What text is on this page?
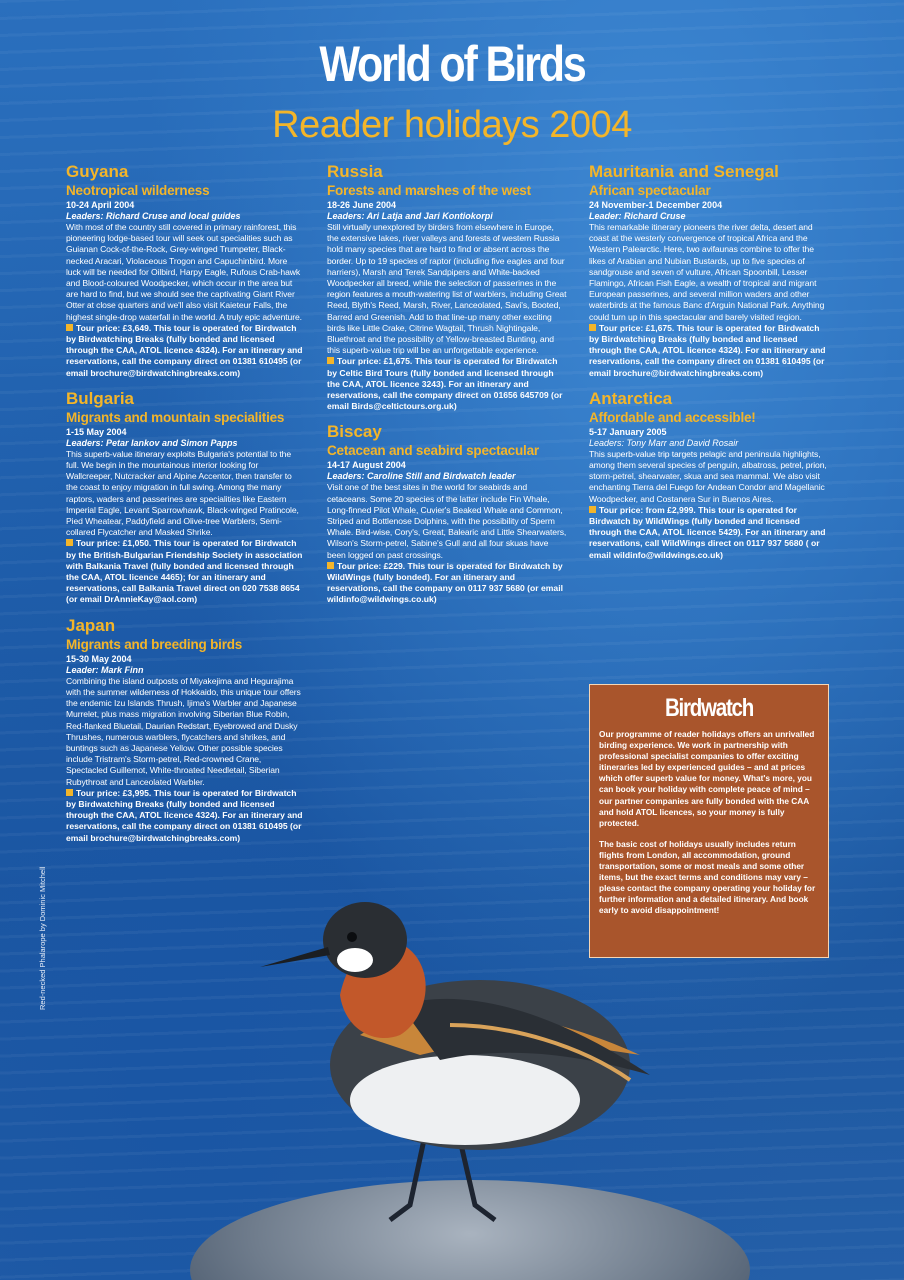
World of Birds
Reader holidays 2004
Guyana
Neotropical wilderness
10-24 April 2004
Leaders: Richard Cruse and local guides

With most of the country still covered in primary rainforest, this pioneering lodge-based tour will seek out specialities such as Guianan Cock-of-the-Rock, Grey-winged Trumpeter, Black-necked Aracari, Violaceous Trogon and Capuchinbird. More luck will be needed for Oilbird, Harpy Eagle, Rufous Crab-hawk and Blood-coloured Woodpecker, which occur in the area but are hard to find, but we should see the captivating Giant River Otter at close quarters and we'll also visit Kaieteur Falls, the highest single-drop waterfall in the world. A truly epic adventure.

Tour price: £3,649. This tour is operated for Birdwatch by Birdwatching Breaks (fully bonded and licensed through the CAA, ATOL licence 4324). For an itinerary and reservations, call the company direct on 01381 610495 (or email brochure@birdwatchingbreaks.com)

Bulgaria
Migrants and mountain specialities
1-15 May 2004
Leaders: Petar Iankov and Simon Papps

This superb-value itinerary exploits Bulgaria's potential to the full. We begin in the mountainous interior looking for Wallcreeper, Nutcracker and Alpine Accentor, then transfer to the coast to enjoy migration in full swing. Among the many raptors, waders and passerines are specialities like Eastern Imperial Eagle, Levant Sparrowhawk, Black-winged Pratincole, Pied Wheatear, Paddyfield and Olive-tree Warblers, Semi-collared Flycatcher and Masked Shrike.

Tour price: £1,050. This tour is operated for Birdwatch by the British-Bulgarian Friendship Society in association with Balkania Travel (fully bonded and licensed through the CAA, ATOL licence 4465); for an itinerary and reservations, call Balkania Travel direct on 020 7538 8654 (or email DrAnnieKay@aol.com)

Japan
Migrants and breeding birds
15-30 May 2004
Leader: Mark Finn

Combining the island outposts of Miyakejima and Hegurajima with the summer wilderness of Hokkaido, this unique tour offers the endemic Izu Islands Thrush, Ijima's Warbler and Japanese Murrelet, plus mass migration involving Siberian Blue Robin, Red-flanked Bluetail, Daurian Redstart, Eyebrowed and Dusky Thrushes, numerous warblers, flycatchers and shrikes, and buntings such as Japanese Yellow. Other possible species include Tristram's Storm-petrel, Red-crowned Crane, Spectacled Guillemot, White-throated Needletail, Siberian Rubythroat and Lanceolated Warbler.

Tour price: £3,995. This tour is operated for Birdwatch by Birdwatching Breaks (fully bonded and licensed through the CAA, ATOL licence 4324). For an itinerary and reservations, call the company direct on 01381 610495 (or email brochure@birdwatchingbreaks.com)

Russia
Forests and marshes of the west
18-26 June 2004
Leaders: Ari Latja and Jari Kontiokorpi

Still virtually unexplored by birders from elsewhere in Europe, the extensive lakes, river valleys and forests of western Russia hold many species that are hard to find or absent across the border. Up to 19 species of raptor (including five eagles and four harriers), Marsh and Terek Sandpipers and White-backed Woodpecker all breed, while the selection of passerines in the region features a mouth-watering list of warblers, including Great Reed, Blyth's Reed, Marsh, River, Lanceolated, Savi's, Booted, Barred and Greenish. Add to that line-up many other exciting birds like Little Crake, Citrine Wagtail, Thrush Nightingale, Bluethroat and the possibility of Yellow-breasted Bunting, and this superb-value trip will be an unforgettable experience.

Tour price: £1,675. This tour is operated for Birdwatch by Celtic Bird Tours (fully bonded and licensed through the CAA, ATOL licence 3243). For an itinerary and reservations, call the company direct on 01656 645709 (or email Birds@celtictours.org.uk)

Biscay
Cetacean and seabird spectacular
14-17 August 2004
Leaders: Caroline Still and Birdwatch leader

Visit one of the best sites in the world for seabirds and cetaceans. Some 20 species of the latter include Fin Whale, Long-finned Pilot Whale, Cuvier's Beaked Whale and Common, Striped and Bottlenose Dolphins, with the possibility of Sperm Whale. Bird-wise, Cory's, Great, Balearic and Little Shearwaters, Wilson's Storm-petrel, Sabine's Gull and all four skuas have been logged on past crossings.

Tour price: £229. This tour is operated for Birdwatch by WildWings (fully bonded). For an itinerary and reservations, call the company on 0117 937 5680 (or email wildinfo@wildwings.co.uk)

Mauritania and Senegal
African spectacular
24 November-1 December 2004
Leader: Richard Cruse

This remarkable itinerary pioneers the river delta, desert and coast at the westerly convergence of tropical Africa and the Western Palearctic. Here, two avifaunas combine to offer the likes of Arabian and Nubian Bustards, up to five species of sandgrouse and seven of vulture, African Spoonbill, Lesser Flamingo, African Fish Eagle, a wealth of tropical and migrant European passerines, and several million waders and other waterbirds at the famous Banc d'Arguin National Park. Anything could turn up in this spectacular and barely visited region.

Tour price: £1,675. This tour is operated for Birdwatch by Birdwatching Breaks (fully bonded and licensed through the CAA, ATOL licence 4324). For an itinerary and reservations, call the company direct on 01381 610495 (or email brochure@birdwatchingbreaks.com)

Antarctica
Affordable and accessible!
5-17 January 2005
Leaders: Tony Marr and David Rosair

This superb-value trip targets pelagic and peninsula highlights, among them several species of penguin, albatross, petrel, prion, storm-petrel, shearwater, skua and sea mammal. We also visit enchanting Tierra del Fuego for Andean Condor and Magellanic Woodpecker, and Costanera Sur in Buenos Aires.

Tour price: from £2,999. This tour is operated for Birdwatch by WildWings (fully bonded and licensed through the CAA, ATOL licence 5429). For an itinerary and reservations, call WildWings direct on 0117 937 5680 ( or email wildinfo@wildwings.co.uk)

Birdwatch

Our programme of reader holidays offers an unrivalled birding experience. We work in partnership with professional specialist companies to offer exciting itineraries led by experienced guides – and at prices which offer superb value for money. What's more, you can book your holiday with complete peace of mind – our partner companies are fully bonded with the CAA and hold ATOL licences, so your money is fully protected.

The basic cost of holidays usually includes return flights from London, all accommodation, ground transportation, some or most meals and some other items, but the exact terms and conditions may vary – please contact the company operating your holiday for further information and a detailed itinerary. And book early to avoid disappointment!

Red-necked Phalarope by Dominic Mitchell
